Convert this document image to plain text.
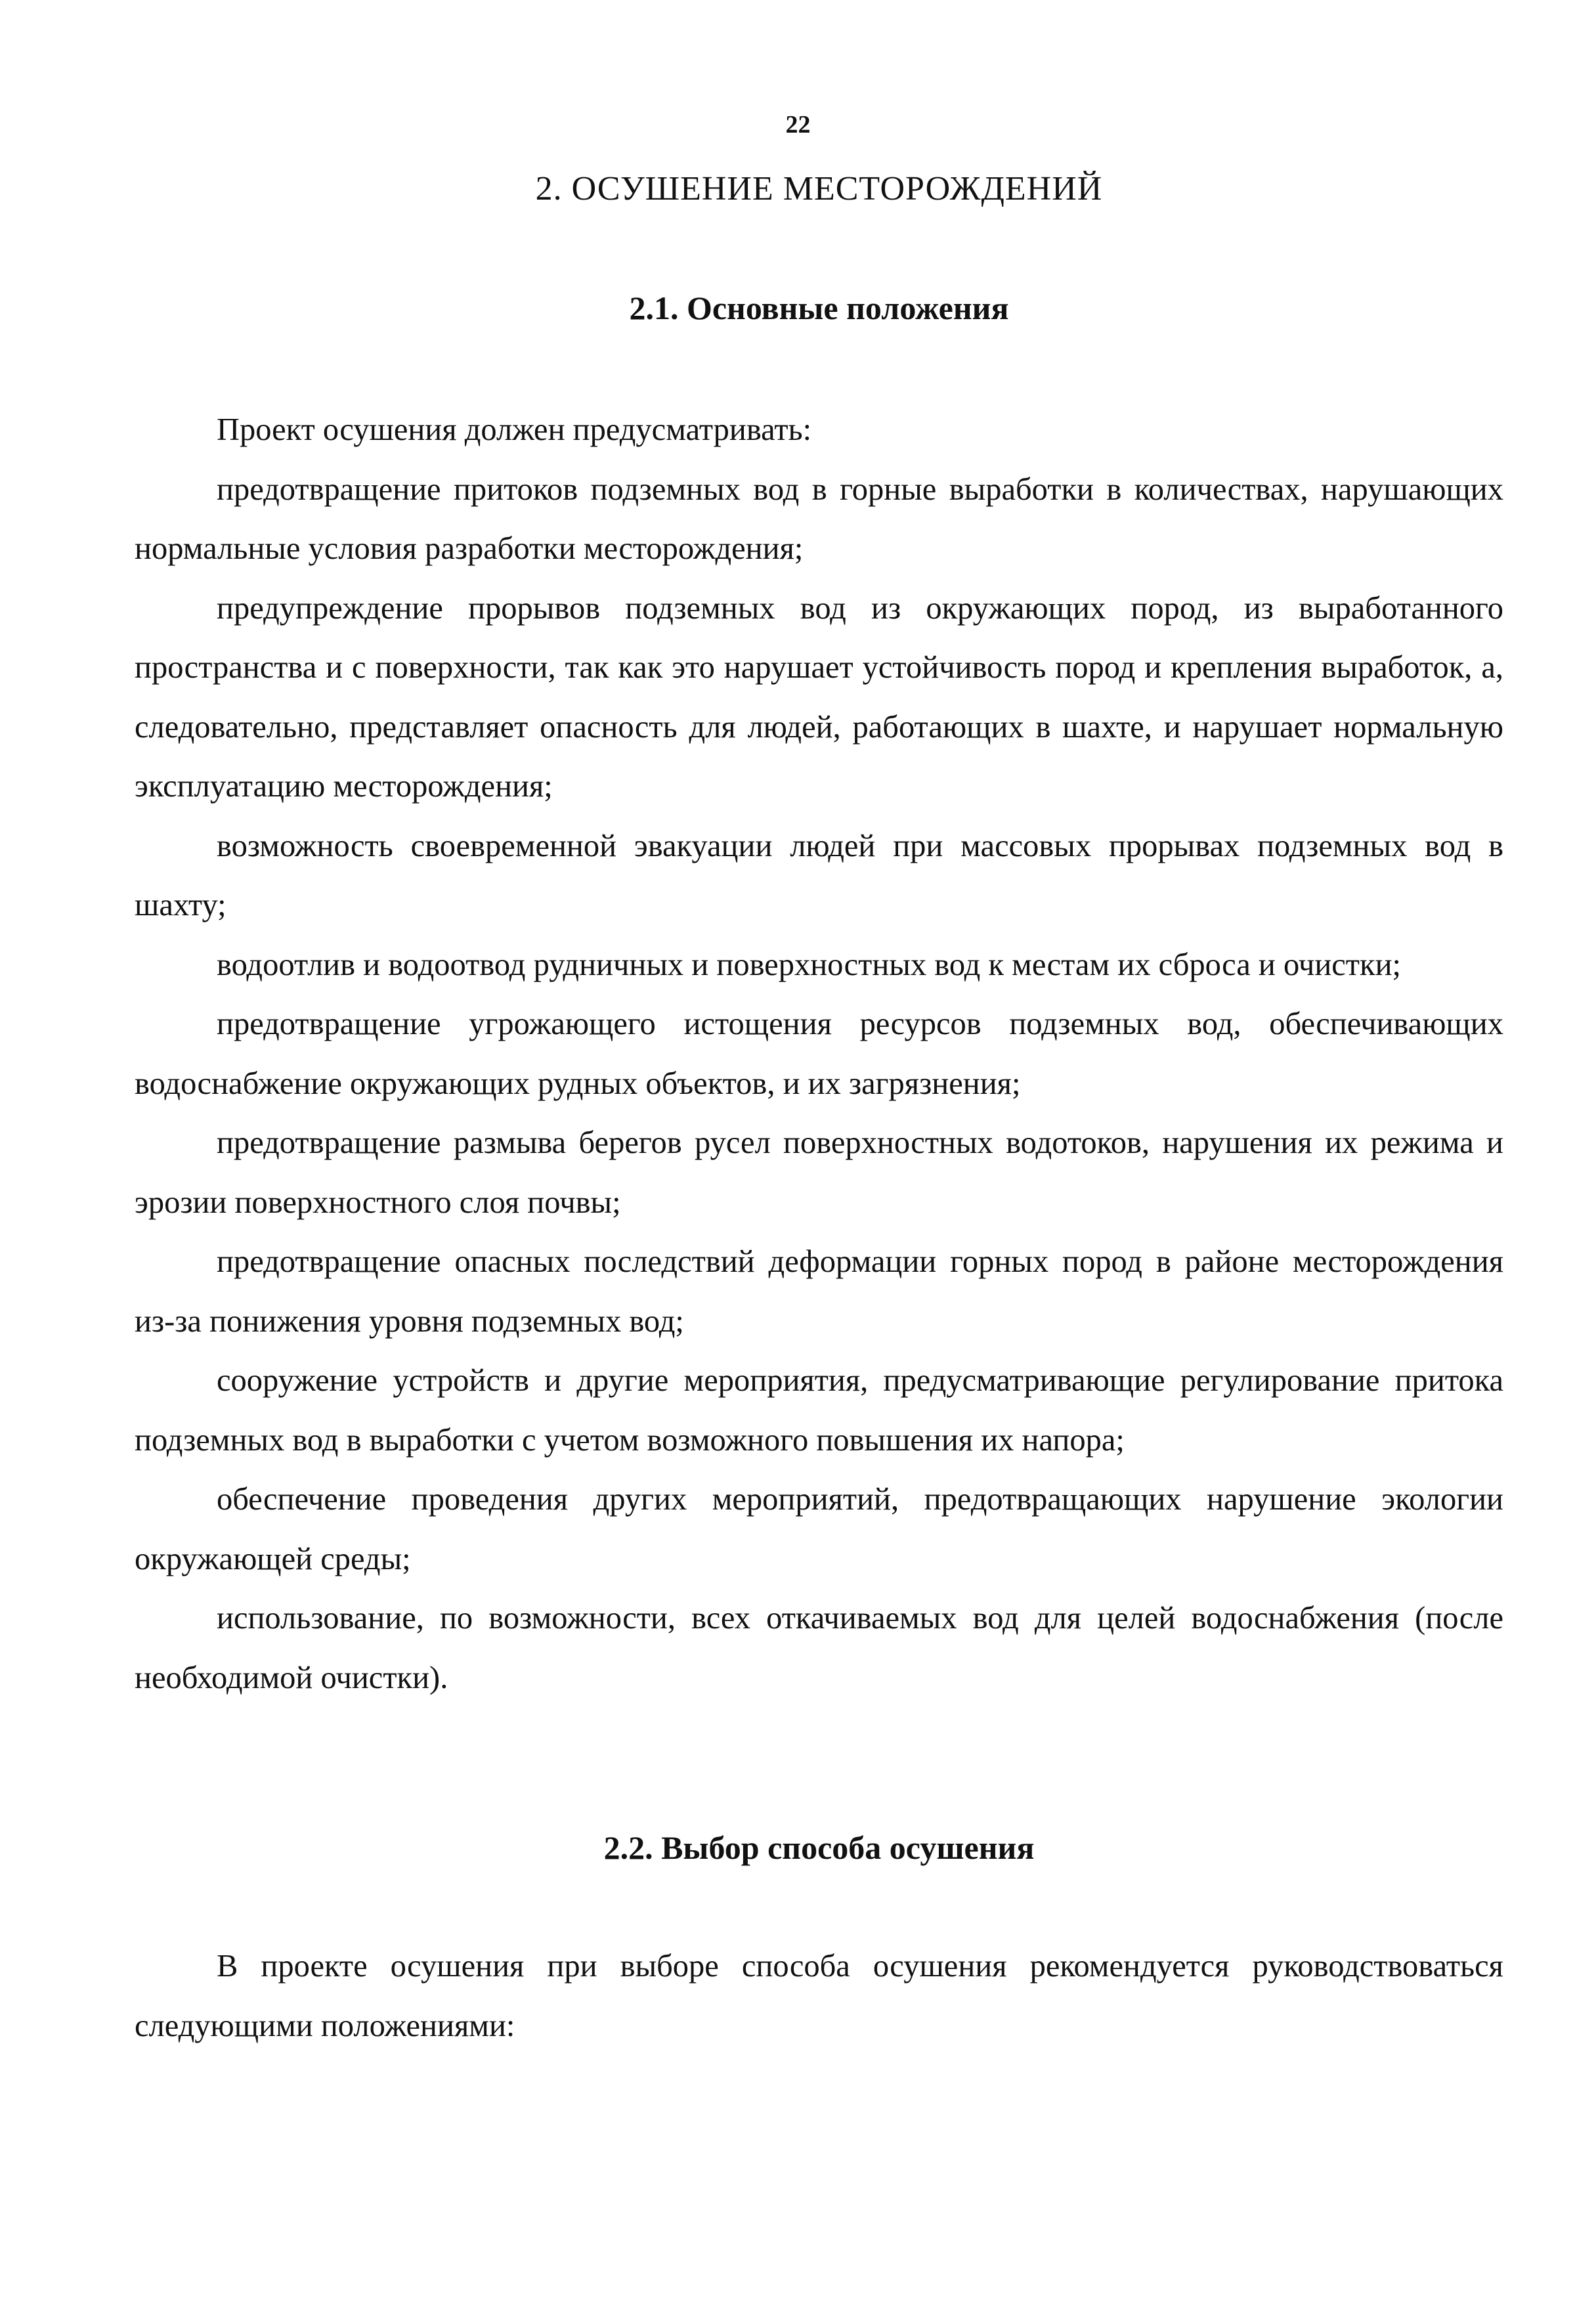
22
2. ОСУШЕНИЕ МЕСТОРОЖДЕНИЙ
2.1. Основные положения

Проект осушения должен предусматривать:

предотвращение притоков подземных вод в горные выработки в количествах, нарушающих нормальные условия разработки месторождения;

предупреждение прорывов подземных вод из окружающих пород, из выработанного пространства и с поверхности, так как это нарушает устойчивость пород и крепления выработок, а, следовательно, представляет опасность для людей, работающих в шахте, и нарушает нормальную эксплуатацию месторождения;

возможность своевременной эвакуации людей при массовых прорывах подземных вод в шахту;

водоотлив и водоотвод рудничных и поверхностных вод к местам их сброса и очистки;

предотвращение угрожающего истощения ресурсов подземных вод, обеспечивающих водоснабжение окружающих рудных объектов, и их загрязнения;

предотвращение размыва берегов русел поверхностных водотоков, нарушения их режима и эрозии поверхностного слоя почвы;

предотвращение опасных последствий деформации горных пород в районе месторождения из-за понижения уровня подземных вод;

сооружение устройств и другие мероприятия, предусматривающие регулирование притока подземных вод в выработки с учетом возможного повышения их напора;

обеспечение проведения других мероприятий, предотвращающих нарушение экологии окружающей среды;

использование, по возможности, всех откачиваемых вод для целей водоснабжения (после необходимой очистки).

2.2. Выбор способа осушения

В проекте осушения при выборе способа осушения рекомендуется руководствоваться следующими положениями:
